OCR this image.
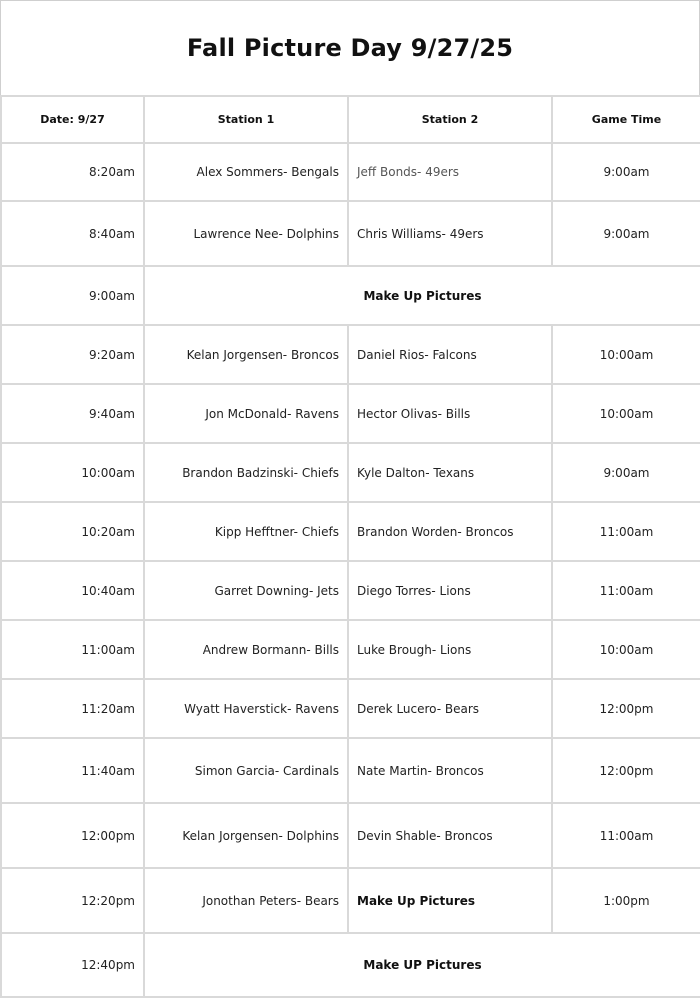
Fall Picture Day 9/27/25
Date: 9/27	Station 1	Station 2	Game Time
8:20am	Alex Sommers- Bengals	Jeff Bonds- 49ers	9:00am
8:40am	Lawrence Nee- Dolphins	Chris Williams- 49ers	9:00am
9:00am	Make Up Pictures		
9:20am	Kelan Jorgensen- Broncos	Daniel Rios- Falcons	10:00am
9:40am	Jon McDonald- Ravens	Hector Olivas- Bills	10:00am
10:00am	Brandon Badzinski- Chiefs	Kyle Dalton- Texans	9:00am
10:20am	Kipp Hefftner- Chiefs	Brandon Worden- Broncos	11:00am
10:40am	Garret Downing- Jets	Diego Torres- Lions	11:00am
11:00am	Andrew Bormann- Bills	Luke Brough- Lions	10:00am
11:20am	Wyatt Haverstick- Ravens	Derek Lucero- Bears	12:00pm
11:40am	Simon Garcia- Cardinals	Nate Martin- Broncos	12:00pm
12:00pm	Kelan Jorgensen- Dolphins	Devin Shable- Broncos	11:00am
12:20pm	Jonothan Peters- Bears	Make Up Pictures	1:00pm
12:40pm	Make UP Pictures		
